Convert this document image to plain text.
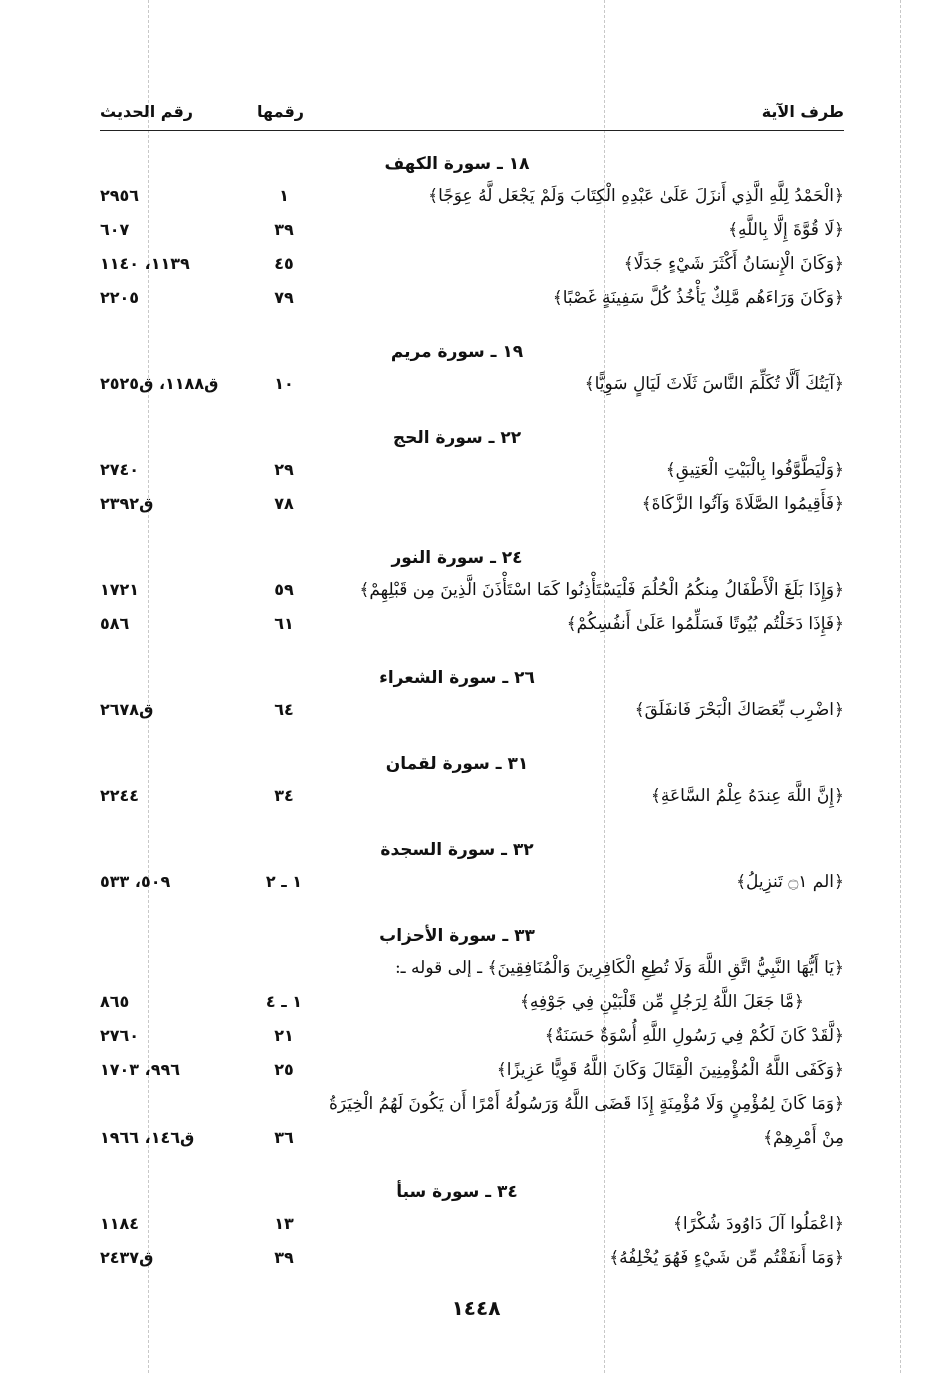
طرف الآية
رقمها
رقم الحديث
١٨ ـ سورة الكهف
﴿الْحَمْدُ لِلَّهِ الَّذِي أَنزَلَ عَلَىٰ عَبْدِهِ الْكِتَابَ وَلَمْ يَجْعَل لَّهُ عِوَجًا﴾
١
٢٩٥٦
﴿لَا قُوَّةَ إِلَّا بِاللَّهِ﴾
٣٩
٦٠٧
﴿وَكَانَ الْإِنسَانُ أَكْثَرَ شَيْءٍ جَدَلًا﴾
٤٥
١١٣٩، ١١٤٠
﴿وَكَانَ وَرَاءَهُم مَّلِكٌ يَأْخُذُ كُلَّ سَفِينَةٍ غَصْبًا﴾
٧٩
٢٢٠٥
١٩ ـ سورة مريم
﴿آيَتُكَ أَلَّا تُكَلِّمَ النَّاسَ ثَلَاثَ لَيَالٍ سَوِيًّا﴾
١٠
ق١١٨٨، ق٢٥٢٥
٢٢ ـ سورة الحج
﴿وَلْيَطَّوَّفُوا بِالْبَيْتِ الْعَتِيقِ﴾
٢٩
٢٧٤٠
﴿فَأَقِيمُوا الصَّلَاةَ وَآتُوا الزَّكَاةَ﴾
٧٨
ق٢٣٩٢
٢٤ ـ سورة النور
﴿وَإِذَا بَلَغَ الْأَطْفَالُ مِنكُمُ الْحُلُمَ فَلْيَسْتَأْذِنُوا كَمَا اسْتَأْذَنَ الَّذِينَ مِن قَبْلِهِمْ﴾
٥٩
١٧٢١
﴿فَإِذَا دَخَلْتُم بُيُوتًا فَسَلِّمُوا عَلَىٰ أَنفُسِكُمْ﴾
٦١
٥٨٦
٢٦ ـ سورة الشعراء
﴿اضْرِب بِّعَصَاكَ الْبَحْرَ فَانفَلَقَ﴾
٦٤
ق٢٦٧٨
٣١ ـ سورة لقمان
﴿إِنَّ اللَّهَ عِندَهُ عِلْمُ السَّاعَةِ﴾
٣٤
٢٢٤٤
٣٢ ـ سورة السجدة
﴿الم ۝١ تَنزِيلُ﴾
١ ـ ٢
٥٠٩، ٥٣٣
٣٣ ـ سورة الأحزاب
﴿يَا أَيُّهَا النَّبِيُّ اتَّقِ اللَّهَ وَلَا تُطِعِ الْكَافِرِينَ وَالْمُنَافِقِينَ﴾ ـ إلى قوله ـ:
﴿مَّا جَعَلَ اللَّهُ لِرَجُلٍ مِّن قَلْبَيْنِ فِي جَوْفِهِ﴾
١ ـ ٤
٨٦٥
﴿لَّقَدْ كَانَ لَكُمْ فِي رَسُولِ اللَّهِ أُسْوَةٌ حَسَنَةٌ﴾
٢١
٢٧٦٠
﴿وَكَفَى اللَّهُ الْمُؤْمِنِينَ الْقِتَالَ وَكَانَ اللَّهُ قَوِيًّا عَزِيزًا﴾
٢٥
٩٩٦، ١٧٠٣
﴿وَمَا كَانَ لِمُؤْمِنٍ وَلَا مُؤْمِنَةٍ إِذَا قَضَى اللَّهُ وَرَسُولُهُ أَمْرًا أَن يَكُونَ لَهُمُ الْخِيَرَةُ مِنْ أَمْرِهِمْ﴾
٣٦
ق١٤٦، ١٩٦٦
٣٤ ـ سورة سبأ
﴿اعْمَلُوا آلَ دَاوُودَ شُكْرًا﴾
١٣
١١٨٤
﴿وَمَا أَنفَقْتُم مِّن شَيْءٍ فَهُوَ يُخْلِفُهُ﴾
٣٩
ق٢٤٣٧
١٤٤٨
